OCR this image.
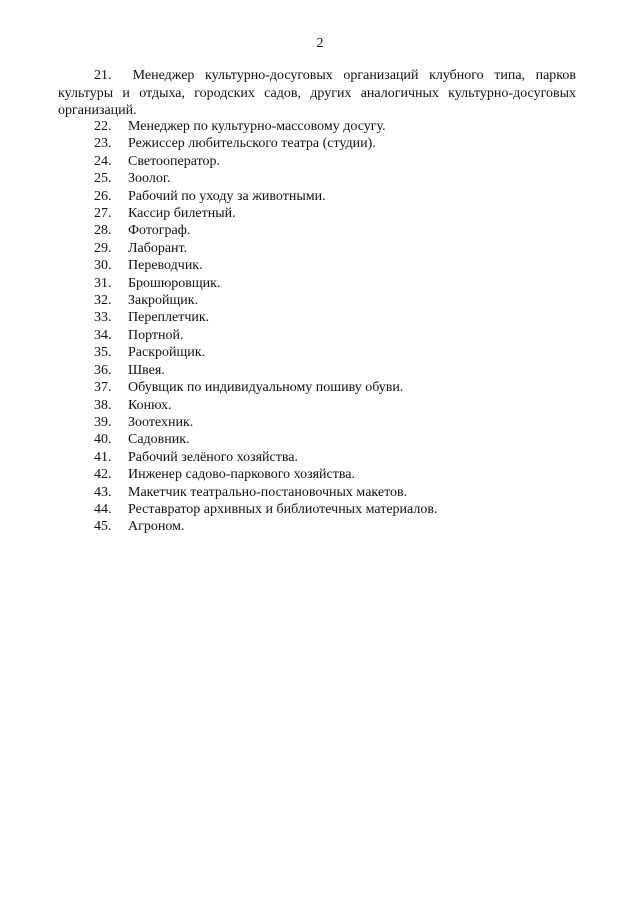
2
21. Менеджер культурно-досуговых организаций клубного типа, парков культуры и отдыха, городских садов, других аналогичных культурно-досуговых организаций.
22.	Менеджер по культурно-массовому досугу.
23.	Режиссер любительского театра (студии).
24.	Светооператор.
25.	Зоолог.
26.	Рабочий по уходу за животными.
27.	Кассир билетный.
28.	Фотограф.
29.	Лаборант.
30.	Переводчик.
31.	Брошюровщик.
32.	Закройщик.
33.	Переплетчик.
34.	Портной.
35.	Раскройщик.
36.	Швея.
37.	Обувщик по индивидуальному пошиву обуви.
38.	Конюх.
39.	Зоотехник.
40.	Садовник.
41.	Рабочий зелёного хозяйства.
42.	Инженер садово-паркового хозяйства.
43.	Макетчик театрально-постановочных макетов.
44.	Реставратор архивных и библиотечных материалов.
45.	Агроном.
